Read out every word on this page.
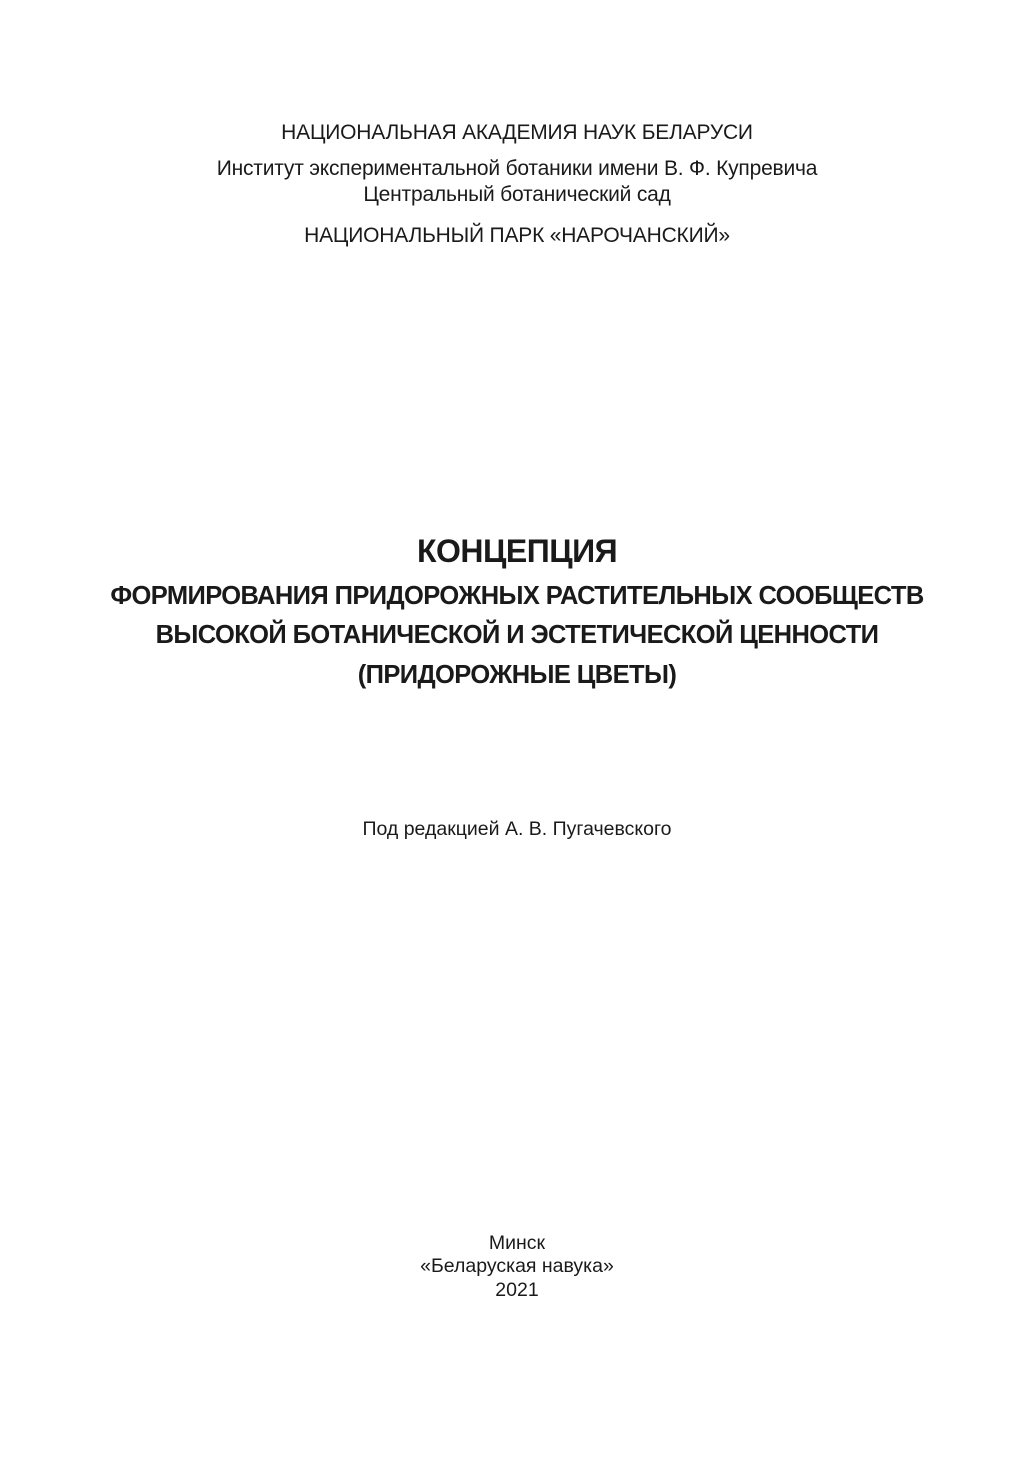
НАЦИОНАЛЬНАЯ АКАДЕМИЯ НАУК БЕЛАРУСИ
Институт экспериментальной ботаники имени В. Ф. Купревича
Центральный ботанический сад
НАЦИОНАЛЬНЫЙ ПАРК «НАРОЧАНСКИЙ»
КОНЦЕПЦИЯ
ФОРМИРОВАНИЯ ПРИДОРОЖНЫХ РАСТИТЕЛЬНЫХ СООБЩЕСТВ
ВЫСОКОЙ БОТАНИЧЕСКОЙ И ЭСТЕТИЧЕСКОЙ ЦЕННОСТИ
(ПРИДОРОЖНЫЕ ЦВЕТЫ)
Под редакцией А. В. Пугачевского
Минск
«Беларуская навука»
2021
